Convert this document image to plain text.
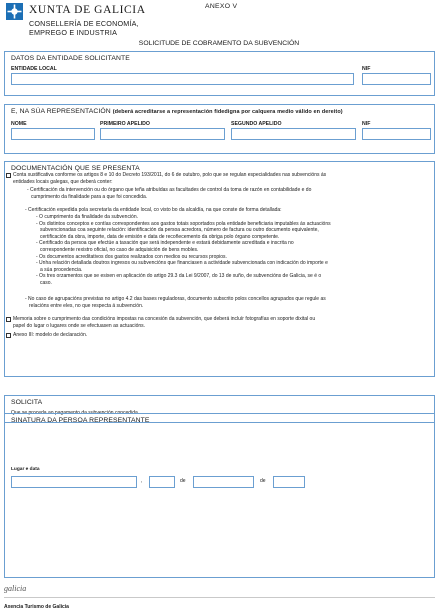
XUNTA DE GALICIA
CONSELLERÍA DE ECONOMÍA,
EMPREGO E INDUSTRIA
ANEXO V
SOLICITUDE DE COBRAMENTO DA SUBVENCIÓN
DATOS DA ENTIDADE SOLICITANTE
ENTIDADE LOCAL	NIF
E, NA SÚA REPRESENTACIÓN (deberá acreditarse a representación fidedigna por calquera medio válido en dereito)
NOME	PRIMEIRO APELIDO	SEGUNDO APELIDO	NIF
DOCUMENTACIÓN QUE SE PRESENTA
Conta xustificativa conforme os artigos 8 e 10 do Decreto 193/2011, do 6 de outubro, polo que se regulan especialidades nas subvencións ás
entidades locais galegas, que deberá conter:
- Certificación da intervención ou do órgano que teña atribuídas as facultades de control da toma de razón en contabilidade e do
cumprimento da finalidade para a que foi concedida.
- Certificación expedida pola secretaría da entidade local, co visto bo da alcaldía, na que conste de forma detallada:
- O cumprimento da finalidade da subvención.
- Os distintos conceptos e contías correspondentes aos gastos totais soportados pola entidade beneficiaria imputables ás actuacións
subvencionadas coa seguinte relación: identificación da persoa acredora, número de factura ou outro documento equivalente,
certificación da obra, importe, data de emisión e data de recoñecemento da obriga polo órgano competente.
- Certificado da persoa que efectúe a taxación que será independente e estará debidamente acreditada e inscrita no
correspondente rexistro oficial, no caso de adquisición de bens mobles.
- Os documentos acreditativos dos gastos realizados con medios ou recursos propios.
- Unha relación detallada doutros ingresos ou subvencións que financiasen a actividade subvencionada con indicación do importe e
a súa procedencia.
- Os tres orzamentos que se esixen en aplicación do artigo 29.3 da Lei 9/2007, do 13 de xuño, de subvencións de Galicia, se é o
caso.
- No caso de agrupacións previstas no artigo 4.2 das bases reguladoras, documento subscrito polos concellos agrupados que regule as
relacións entre eles, no que respecta á subvención.
Memoria sobre o cumprimento das condicións impostas na concesión da subvención, que deberá incluír fotografías en soporte dixital ou
papel do lugar o lugares onde se efectuasen as actuacións.
Anexo III: modelo de declaración.
SOLICITA
Que se proceda ao pagamento da subvención concedida.
SINATURA DA PERSOA REPRESENTANTE
Lugar e data
,	de	de
galicia
Axencia Turismo de Galicia
